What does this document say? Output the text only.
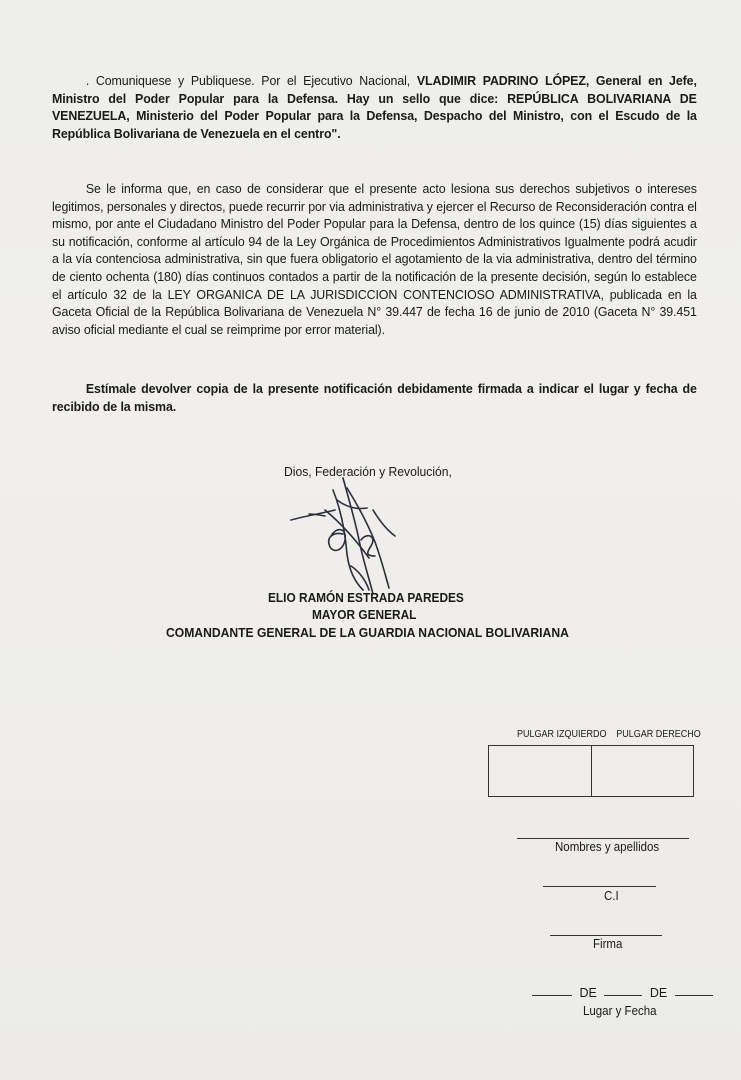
. Comuniquese y Publiquese. Por el Ejecutivo Nacional, VLADIMIR PADRINO LÓPEZ, General en Jefe, Ministro del Poder Popular para la Defensa. Hay un sello que dice: REPÚBLICA BOLIVARIANA DE VENEZUELA, Ministerio del Poder Popular para la Defensa, Despacho del Ministro, con el Escudo de la República Bolivariana de Venezuela en el centro".
Se le informa que, en caso de considerar que el presente acto lesiona sus derechos subjetivos o intereses legitimos, personales y directos, puede recurrir por via administrativa y ejercer el Recurso de Reconsideración contra el mismo, por ante el Ciudadano Ministro del Poder Popular para la Defensa, dentro de los quince (15) días siguientes a su notificación, conforme al artículo 94 de la Ley Orgánica de Procedimientos Administrativos Igualmente podrá acudir a la vía contenciosa administrativa, sin que fuera obligatorio el agotamiento de la via administrativa, dentro del término de ciento ochenta (180) días continuos contados a partir de la notificación de la presente decisión, según lo establece el artículo 32 de la LEY ORGANICA DE LA JURISDICCION CONTENCIOSO ADMINISTRATIVA, publicada en la Gaceta Oficial de la República Bolivariana de Venezuela N° 39.447 de fecha 16 de junio de 2010 (Gaceta N° 39.451 aviso oficial mediante el cual se reimprime por error material).
Estímale devolver copia de la presente notificación debidamente firmada a indicar el lugar y fecha de recibido de la misma.
Dios, Federación y Revolución,
ELIO RAMÓN ESTRADA PAREDES
MAYOR GENERAL
COMANDANTE GENERAL DE LA GUARDIA NACIONAL BOLIVARIANA
PULGAR IZQUIERDO PULGAR DERECHO
Nombres y apellidos
C.I
Firma
DE	DE
Lugar y Fecha
